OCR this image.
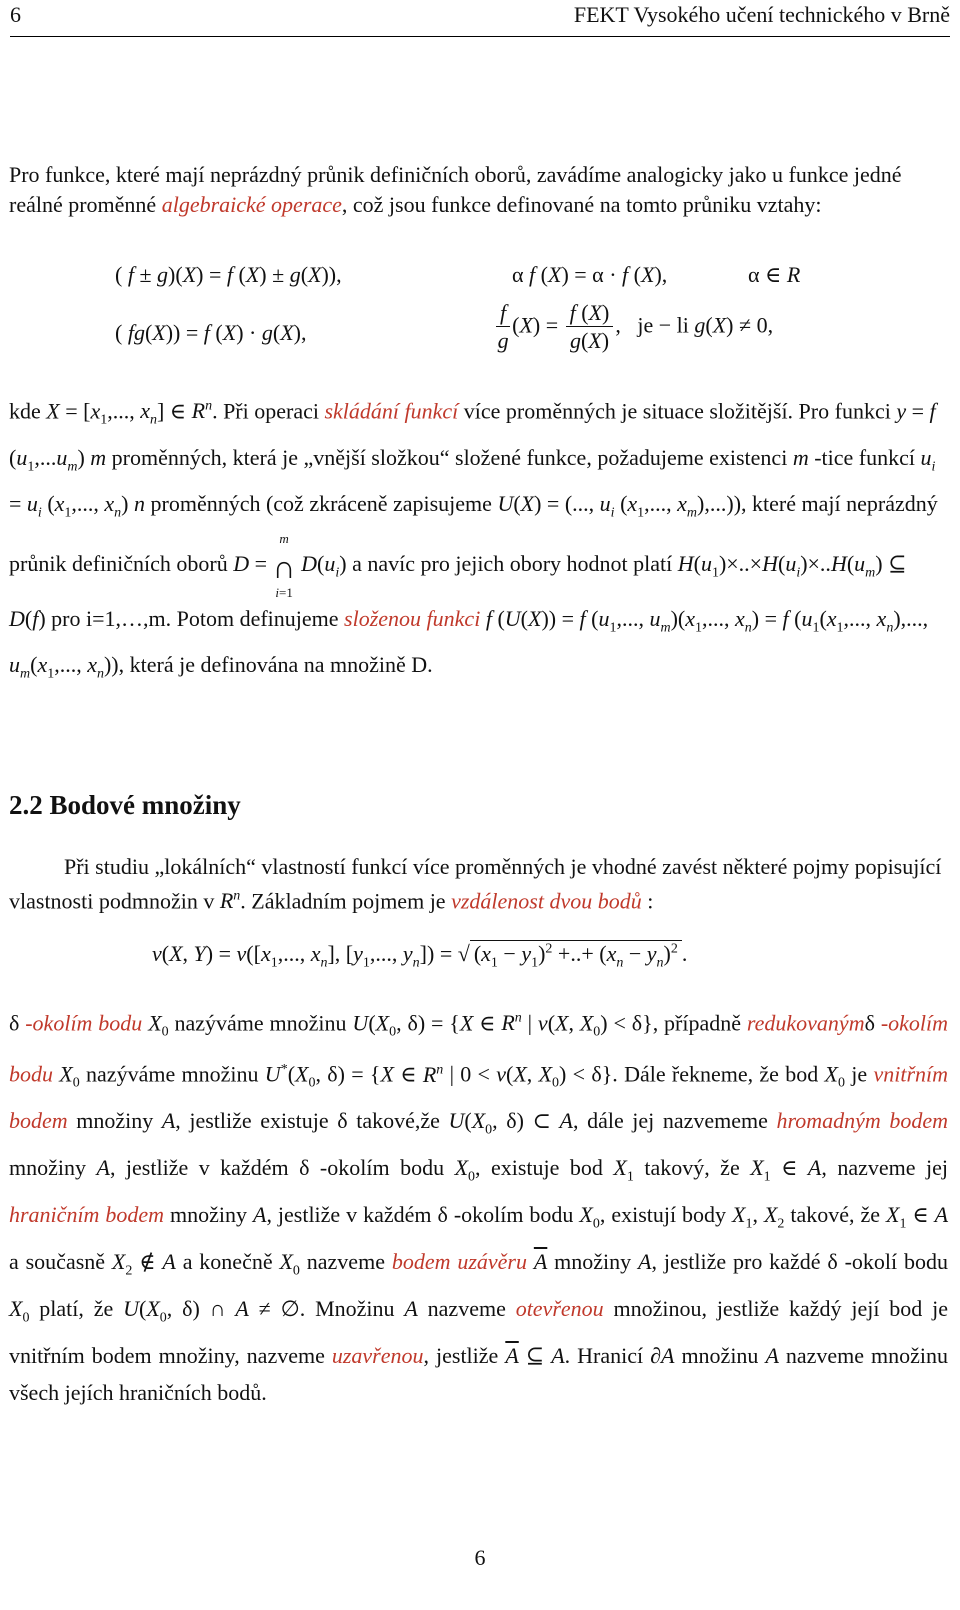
6	FEKT Vysokého učení technického v Brně
Pro funkce, které mají neprázdný průnik definičních oborů, zavádíme analogicky jako u funkce jedné reálné proměnné algebraické operace, což jsou funkce definované na tomto průniku vztahy:
( f ± g)(X) = f (X) ± g(X)),	α f (X) = α · f (X),	α ∈ R
( fg(X)) = f (X) · g(X),	$\frac{f}{g} (X) = \frac{f (X)}{g(X)}$ ,   je − li g(X) ≠ 0,
kde $X = [x_1$,..., $x_n$] ∈ $R^n$. Při operaci skládání funkcí více proměnných je situace složitější. Pro funkci y = f $(u_1,...u_m)$ m proměnných, která je „vnější složkou“ složené funkce, požadujeme existenci m -tice funkcí $u_i = u_i$ ($x_1$,..., $x_n$) n proměnných (což zkráceně zapisujeme U(X) = (..., $u_i$ ($x_1$,..., $x_m$),...)), které mají neprázdný průnik definičních oborů D =
m
∩
i=1
$D(u_i)$ a navíc pro jejich obory hodnot platí $H(u_1)\times..\times H(u_i)\times..H(u_m)$ ⊆ D(f) pro i=1,…,m. Potom definujeme složenou funkci f (U(X)) = f ($u_1$,..., $u_m)(x_1$,..., $x_n) = f$ ($u_1(x_1$,..., $x_n$),..., $u_m(x_1$,..., $x_n$)), která je definována na množině D.
2.2 Bodové množiny
Při studiu „lokálních“ vlastností funkcí více proměnných je vhodné zavést některé pojmy popisující vlastnosti podmnožin v $R^n$. Základním pojmem je vzdálenost dvou bodů :
v(X, $Y) = v([x_1$,..., $x_n$], [$y_1$,..., $y_n$]) = √ $(x_1 - y_1)^2$ +..+ $(x_n - y_n)^2$ .
δ -okolím bodu $X_0$ nazýváme množinu $U(X_0$, δ) = {X ∈ $R^n$ | v(X, $X_0) < \delta$}, případně redukovanýmδ -okolím bodu $X_0$ nazýváme množinu $U^*(X_0$, δ) = {X ∈ $R^n$ | 0 < v(X, $X_0) < \delta$}. Dále řekneme, že bod $X_0$ je vnitřním bodem množiny A, jestliže existuje δ takové,že $U(X_0$, δ) ⊂ A, dále jej nazvememe hromadným bodem množiny A, jestliže v každém δ -okolím bodu $X_0$, existuje bod $X_1$ takový, že $X_1$ ∈ A, nazveme jej hraničním bodem množiny A, jestliže v každém δ -okolím bodu $X_0$, existují body $X_1$, $X_2$ takové, že $X_1$ ∈ A a současně $X_2$ ∉ A a konečně $X_0$ nazveme bodem uzávěru $\overline{A}$ množiny A, jestliže pro každé δ -okolí bodu $X_0$ platí, že $U(X_0$, δ) ∩ A ≠ ∅. Množinu A nazveme otevřenou množinou, jestliže každý její bod je vnitřním bodem množiny, nazveme uzavřenou, jestliže $\overline{A}$ ⊆ A. Hranicí ∂A množinu A nazveme množinu všech jejích hraničních bodů.
6
